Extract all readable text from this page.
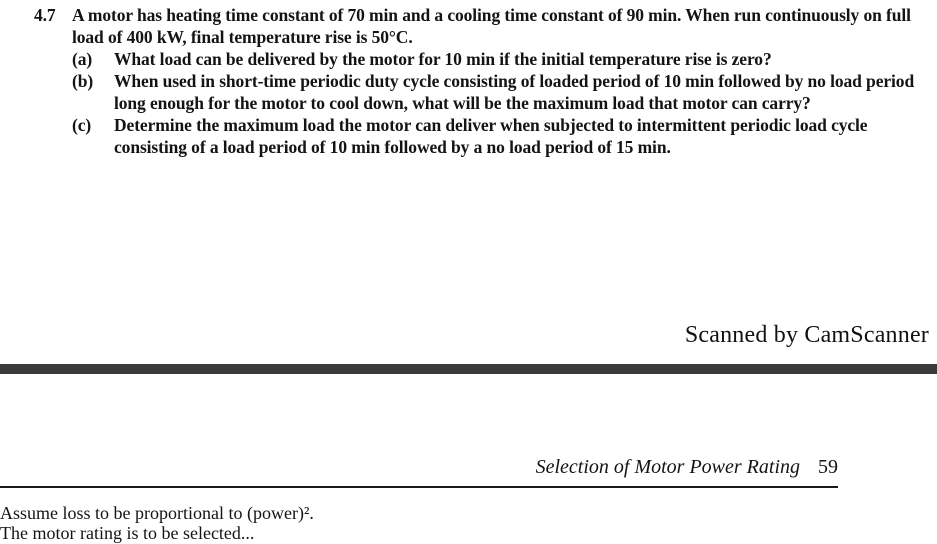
4.7 A motor has heating time constant of 70 min and a cooling time constant of 90 min. When run continuously on full load of 400 kW, final temperature rise is 50°C.
(a)	What load can be delivered by the motor for 10 min if the initial temperature rise is zero?
(b)	When used in short-time periodic duty cycle consisting of loaded period of 10 min followed by no load period long enough for the motor to cool down, what will be the maximum load that motor can carry?
(c)	Determine the maximum load the motor can deliver when subjected to intermittent periodic load cycle consisting of a load period of 10 min followed by a no load period of 15 min.
Scanned by CamScanner
Selection of Motor Power Rating 59
Assume loss to be proportional to (power)².
The motor rating is to be selected...
